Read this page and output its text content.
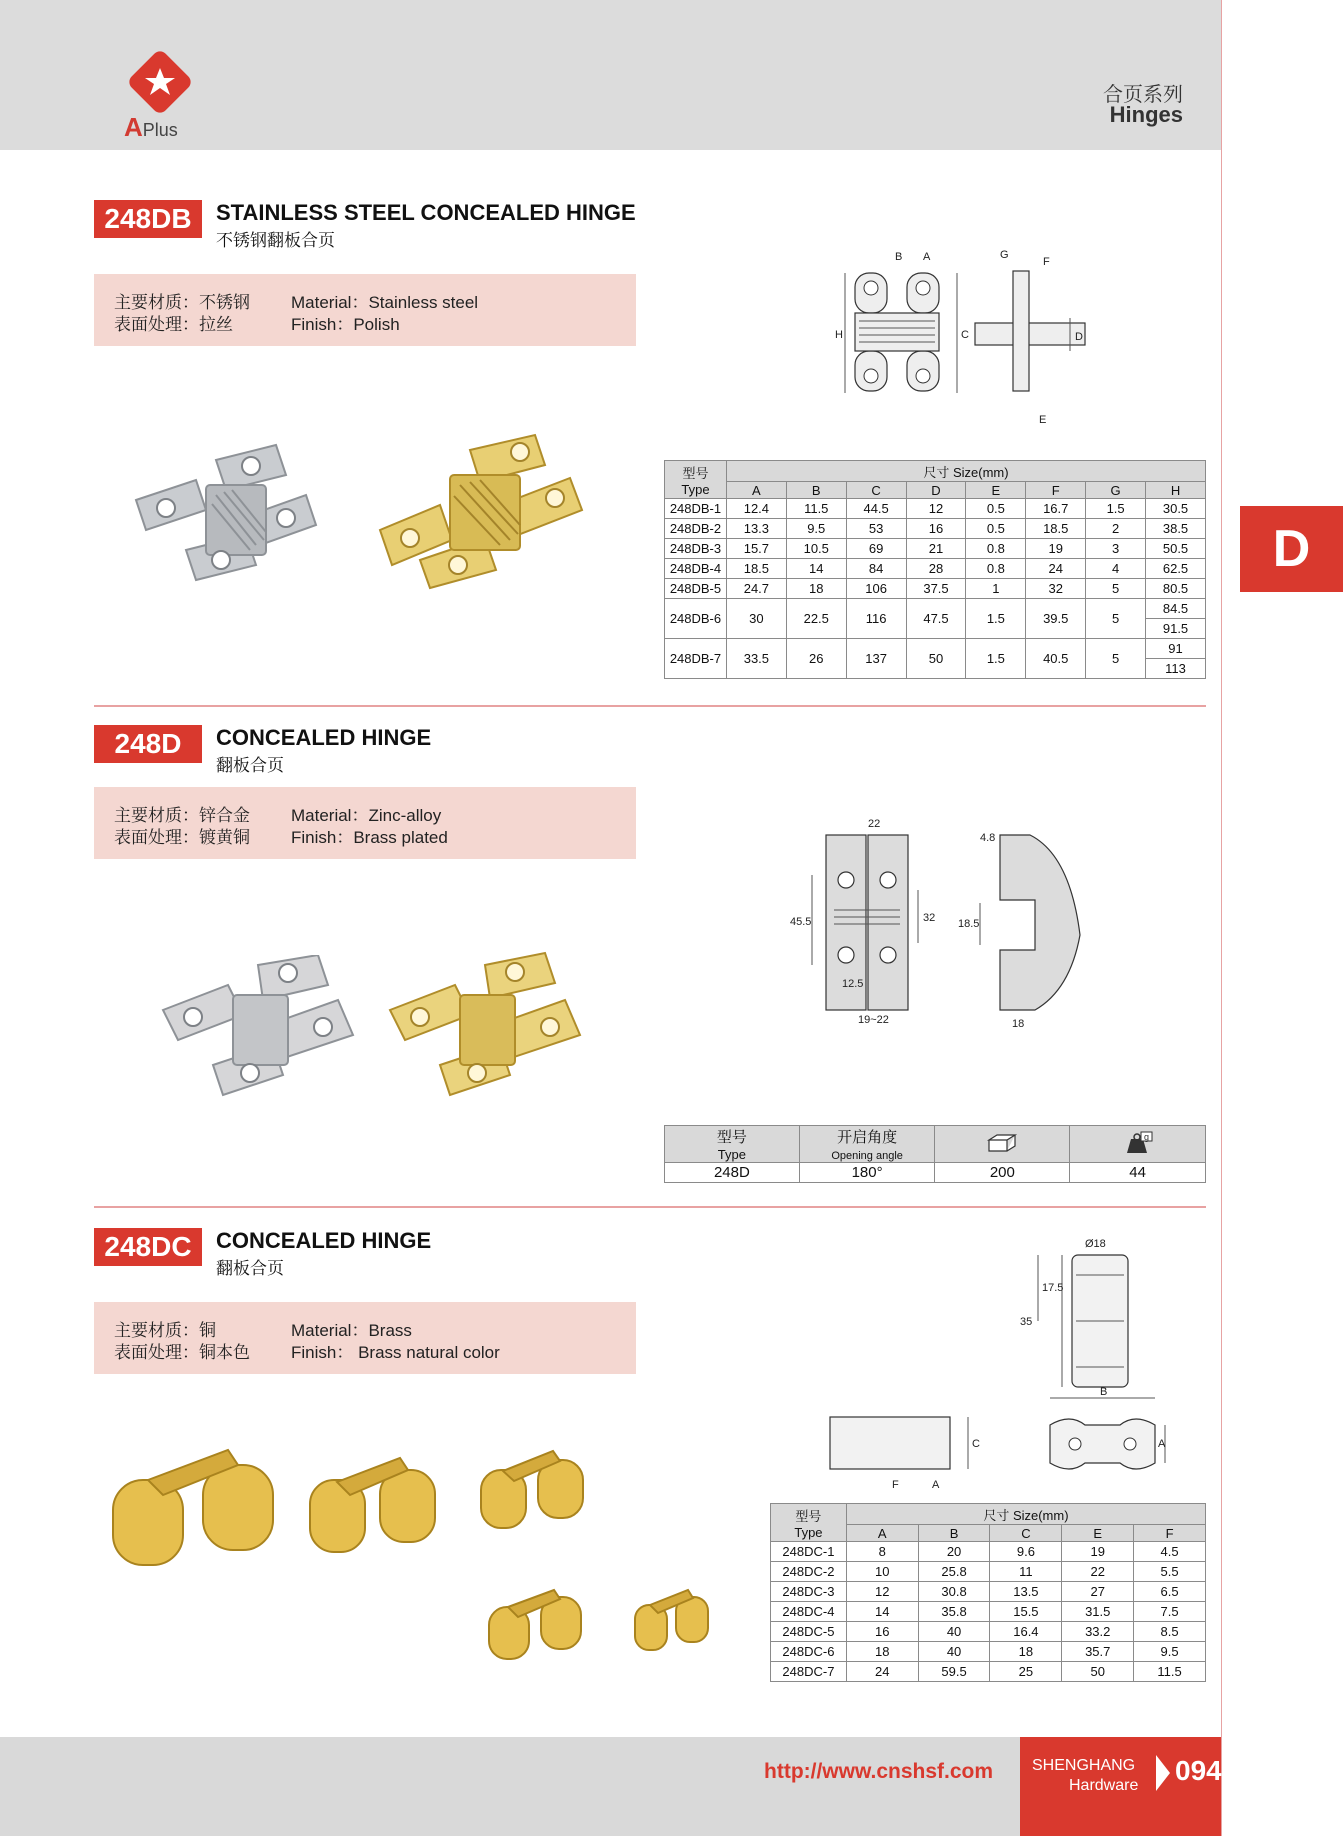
APlus
合页系列
Hinges
D
248DB	STAINLESS STEEL CONCEALED HINGE
不锈钢翻板合页
主要材质：不锈钢
表面处理：拉丝
Material：Stainless steel
Finish：Polish
B A
H	C
G
F
D
E
型号
Type	尺寸 Size(mm)							
	A	B	C	D	E	F	G	H
248DB-1	12.4	11.5	44.5	12	0.5	16.7	1.5	30.5
248DB-2	13.3	9.5	53	16	0.5	18.5	2	38.5
248DB-3	15.7	10.5	69	21	0.8	19	3	50.5
248DB-4	18.5	14	84	28	0.8	24	4	62.5
248DB-5	24.7	18	106	37.5	1	32	5	80.5
248DB-6	30	22.5	116	47.5	1.5	39.5	5	84.5
								91.5
248DB-7	33.5	26	137	50	1.5	40.5	5	91
								113
248D	CONCEALED HINGE
翻板合页
主要材质：锌合金
表面处理：镀黄铜
Material：Zinc-alloy
Finish：Brass plated
22
45.5	32
12.5
19~22
4.8
18.5
18
型号
Type	开启角度
Opening angle		g

248D	180°	200	44
248DC	CONCEALED HINGE
翻板合页
主要材质：铜
表面处理：铜本色
Material：Brass
Finish： Brass natural color
Ø18
17.5
35
B
C	A
F	A
型号
Type	尺寸 Size(mm)				
	A	B	C	E	F
248DC-1	8	20	9.6	19	4.5
248DC-2	10	25.8	11	22	5.5
248DC-3	12	30.8	13.5	27	6.5
248DC-4	14	35.8	15.5	31.5	7.5
248DC-5	16	40	16.4	33.2	8.5
248DC-6	18	40	18	35.7	9.5
248DC-7	24	59.5	25	50	11.5
http://www.cnshsf.com SHENGHANG
Hardware 094
